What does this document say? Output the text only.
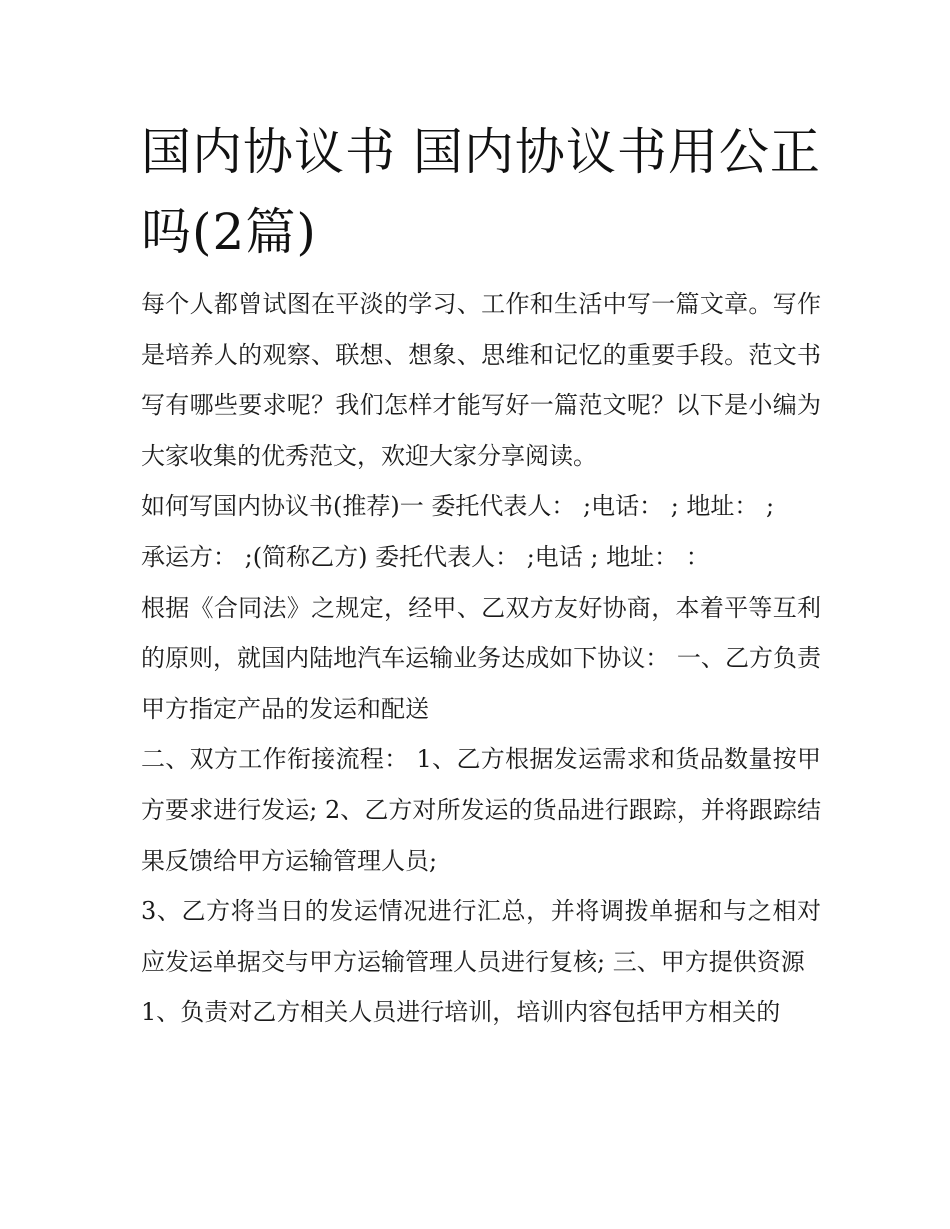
国内协议书 国内协议书用公正吗(2篇)

每个人都曾试图在平淡的学习、工作和生活中写一篇文章。写作是培养人的观察、联想、想象、思维和记忆的重要手段。范文书写有哪些要求呢？我们怎样才能写好一篇范文呢？以下是小编为大家收集的优秀范文，欢迎大家分享阅读。

如何写国内协议书(推荐)一 委托代表人： ;电话： ; 地址： ;

承运方： ;(简称乙方) 委托代表人： ;电话 ; 地址： ：

根据《合同法》之规定，经甲、乙双方友好协商，本着平等互利的原则，就国内陆地汽车运输业务达成如下协议： 一、乙方负责甲方指定产品的发运和配送

二、双方工作衔接流程： 1、乙方根据发运需求和货品数量按甲方要求进行发运; 2、乙方对所发运的货品进行跟踪，并将跟踪结果反馈给甲方运输管理人员;

3、乙方将当日的发运情况进行汇总，并将调拨单据和与之相对应发运单据交与甲方运输管理人员进行复核; 三、甲方提供资源

1、负责对乙方相关人员进行培训，培训内容包括甲方相关的
